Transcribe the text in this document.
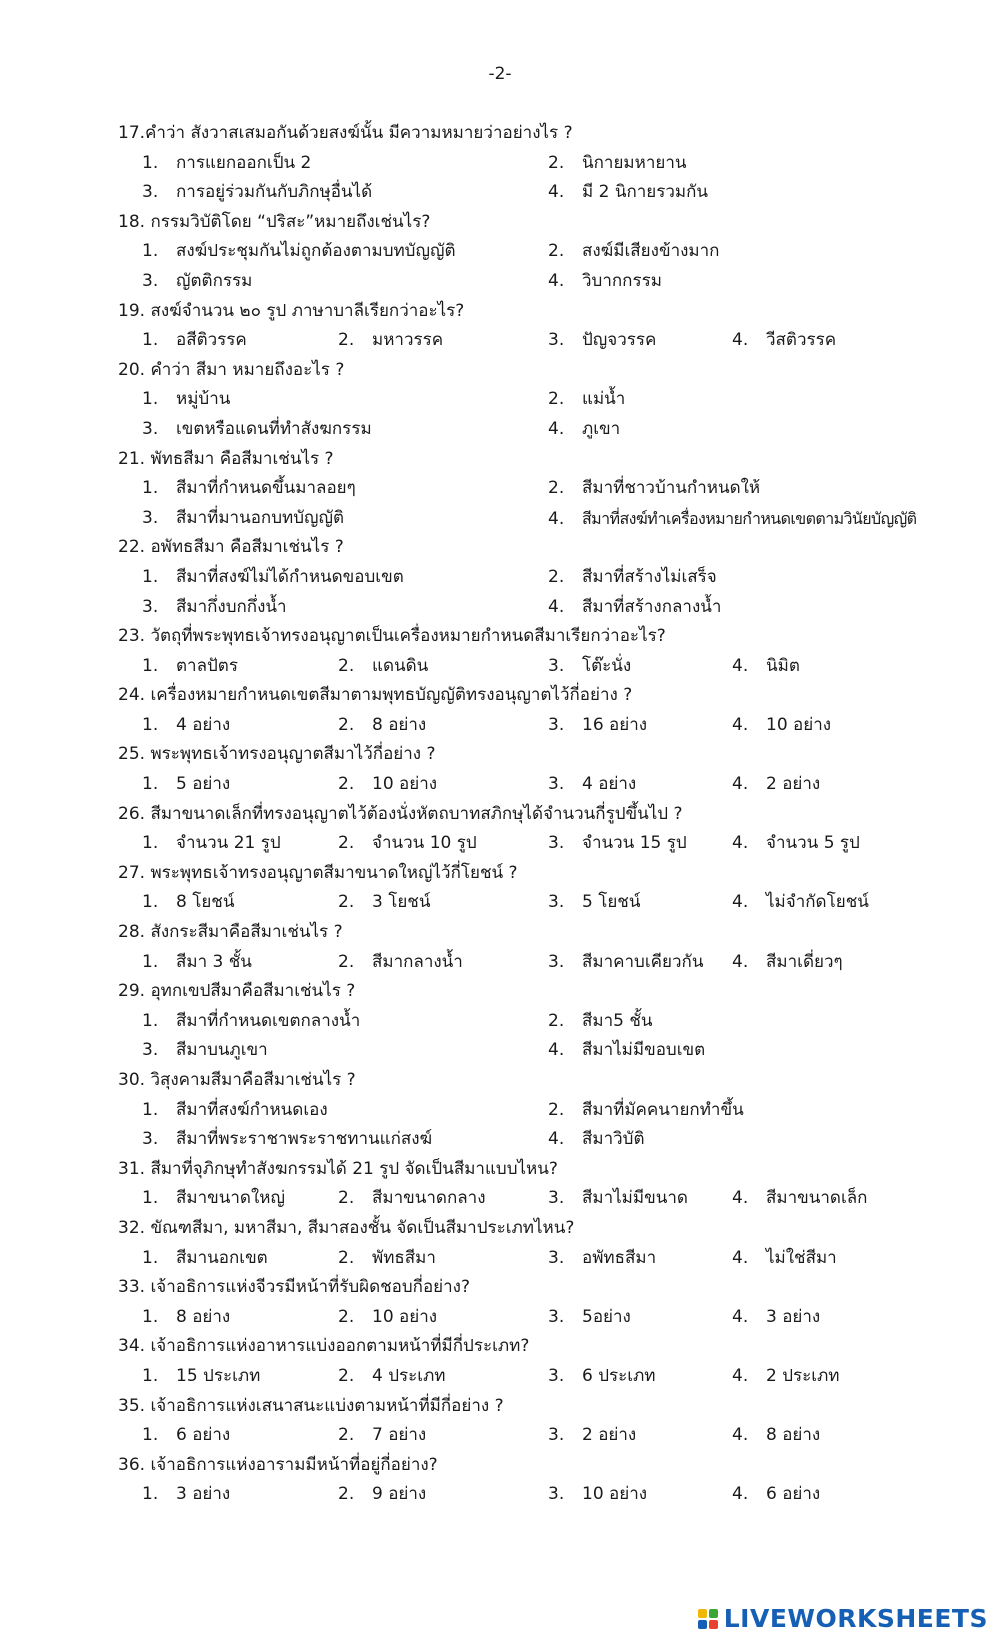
-2-
17.คำว่า สังวาสเสมอกันด้วยสงฆ์นั้น มีความหมายว่าอย่างไร ?
1. การแยกออกเป็น 2	2. นิกายมหายาน
3. การอยู่ร่วมกันกับภิกษุอื่นได้	4. มี 2 นิกายรวมกัน
18. กรรมวิบัติโดย “ปริสะ”หมายถึงเช่นไร?
1. สงฆ์ประชุมกันไม่ถูกต้องตามบทบัญญัติ	2. สงฆ์มีเสียงข้างมาก
3. ญัตติกรรม	4. วิบากกรรม
19. สงฆ์จำนวน ๒๐ รูป ภาษาบาลีเรียกว่าอะไร?
1. อสีติวรรค	2. มหาวรรค	3. ปัญจวรรค	4. วีสติวรรค
20. คำว่า สีมา หมายถึงอะไร ?
1. หมู่บ้าน	2. แม่น้ำ
3. เขตหรือแดนที่ทำสังฆกรรม	4. ภูเขา
21. พัทธสีมา คือสีมาเช่นไร ?
1. สีมาที่กำหนดขึ้นมาลอยๆ	2. สีมาที่ชาวบ้านกำหนดให้
3. สีมาที่มานอกบทบัญญัติ	4. สีมาที่สงฆ์ทำเครื่องหมายกำหนดเขตตามวินัยบัญญัติ
22. อพัทธสีมา คือสีมาเช่นไร ?
1. สีมาที่สงฆ์ไม่ได้กำหนดขอบเขต	2. สีมาที่สร้างไม่เสร็จ
3. สีมากึ่งบกกึ่งน้ำ	4. สีมาที่สร้างกลางน้ำ
23. วัตถุที่พระพุทธเจ้าทรงอนุญาตเป็นเครื่องหมายกำหนดสีมาเรียกว่าอะไร?
1. ตาลปัตร	2. แดนดิน	3. โต๊ะนั่ง	4. นิมิต
24. เครื่องหมายกำหนดเขตสีมาตามพุทธบัญญัติทรงอนุญาตไว้กี่อย่าง ?
1. 4 อย่าง	2. 8 อย่าง	3. 16 อย่าง	4. 10 อย่าง
25. พระพุทธเจ้าทรงอนุญาตสีมาไว้กี่อย่าง ?
1. 5 อย่าง	2. 10 อย่าง	3. 4 อย่าง	4. 2 อย่าง
26. สีมาขนาดเล็กที่ทรงอนุญาตไว้ต้องนั่งหัตถบาทสภิกษุได้จำนวนกี่รูปขึ้นไป ?
1. จำนวน 21 รูป	2. จำนวน 10 รูป	3. จำนวน 15 รูป	4. จำนวน 5 รูป
27. พระพุทธเจ้าทรงอนุญาตสีมาขนาดใหญ่ไว้กี่โยชน์ ?
1. 8 โยชน์	2. 3 โยชน์	3. 5 โยชน์	4. ไม่จำกัดโยชน์
28. สังกระสีมาคือสีมาเช่นไร ?
1. สีมา 3 ชั้น	2. สีมากลางน้ำ	3. สีมาคาบเคียวกัน 4. สีมาเดี่ยวๆ
29. อุทกเขปสีมาคือสีมาเช่นไร ?
1. สีมาที่กำหนดเขตกลางน้ำ	2. สีมา5 ชั้น
3. สีมาบนภูเขา	4. สีมาไม่มีขอบเขต
30. วิสุงคามสีมาคือสีมาเช่นไร ?
1. สีมาที่สงฆ์กำหนดเอง	2. สีมาที่มัคคนายกทำขึ้น
3. สีมาที่พระราชาพระราชทานแก่สงฆ์	4. สีมาวิบัติ
31. สีมาที่จุภิกษุทำสังฆกรรมได้ 21 รูป จัดเป็นสีมาแบบไหน?
1. สีมาขนาดใหญ่	2. สีมาขนาดกลาง	3. สีมาไม่มีขนาด	4. สีมาขนาดเล็ก
32. ขัณฑสีมา, มหาสีมา, สีมาสองชั้น จัดเป็นสีมาประเภทไหน?
1. สีมานอกเขต	2. พัทธสีมา	3. อพัทธสีมา	4. ไม่ใช่สีมา
33. เจ้าอธิการแห่งจีวรมีหน้าที่รับผิดชอบกี่อย่าง?
1. 8 อย่าง	2. 10 อย่าง	3. 5อย่าง	4. 3 อย่าง
34. เจ้าอธิการแห่งอาหารแบ่งออกตามหน้าที่มีกี่ประเภท?
1. 15 ประเภท	2. 4 ประเภท	3. 6 ประเภท	4. 2 ประเภท
35. เจ้าอธิการแห่งเสนาสนะแบ่งตามหน้าที่มีกี่อย่าง ?
1. 6 อย่าง	2. 7 อย่าง	3. 2 อย่าง	4. 8 อย่าง
36. เจ้าอธิการแห่งอารามมีหน้าที่อยู่กี่อย่าง?
1. 3 อย่าง	2. 9 อย่าง	3. 10 อย่าง	4. 6 อย่าง
LIVEWORKSHEETS
